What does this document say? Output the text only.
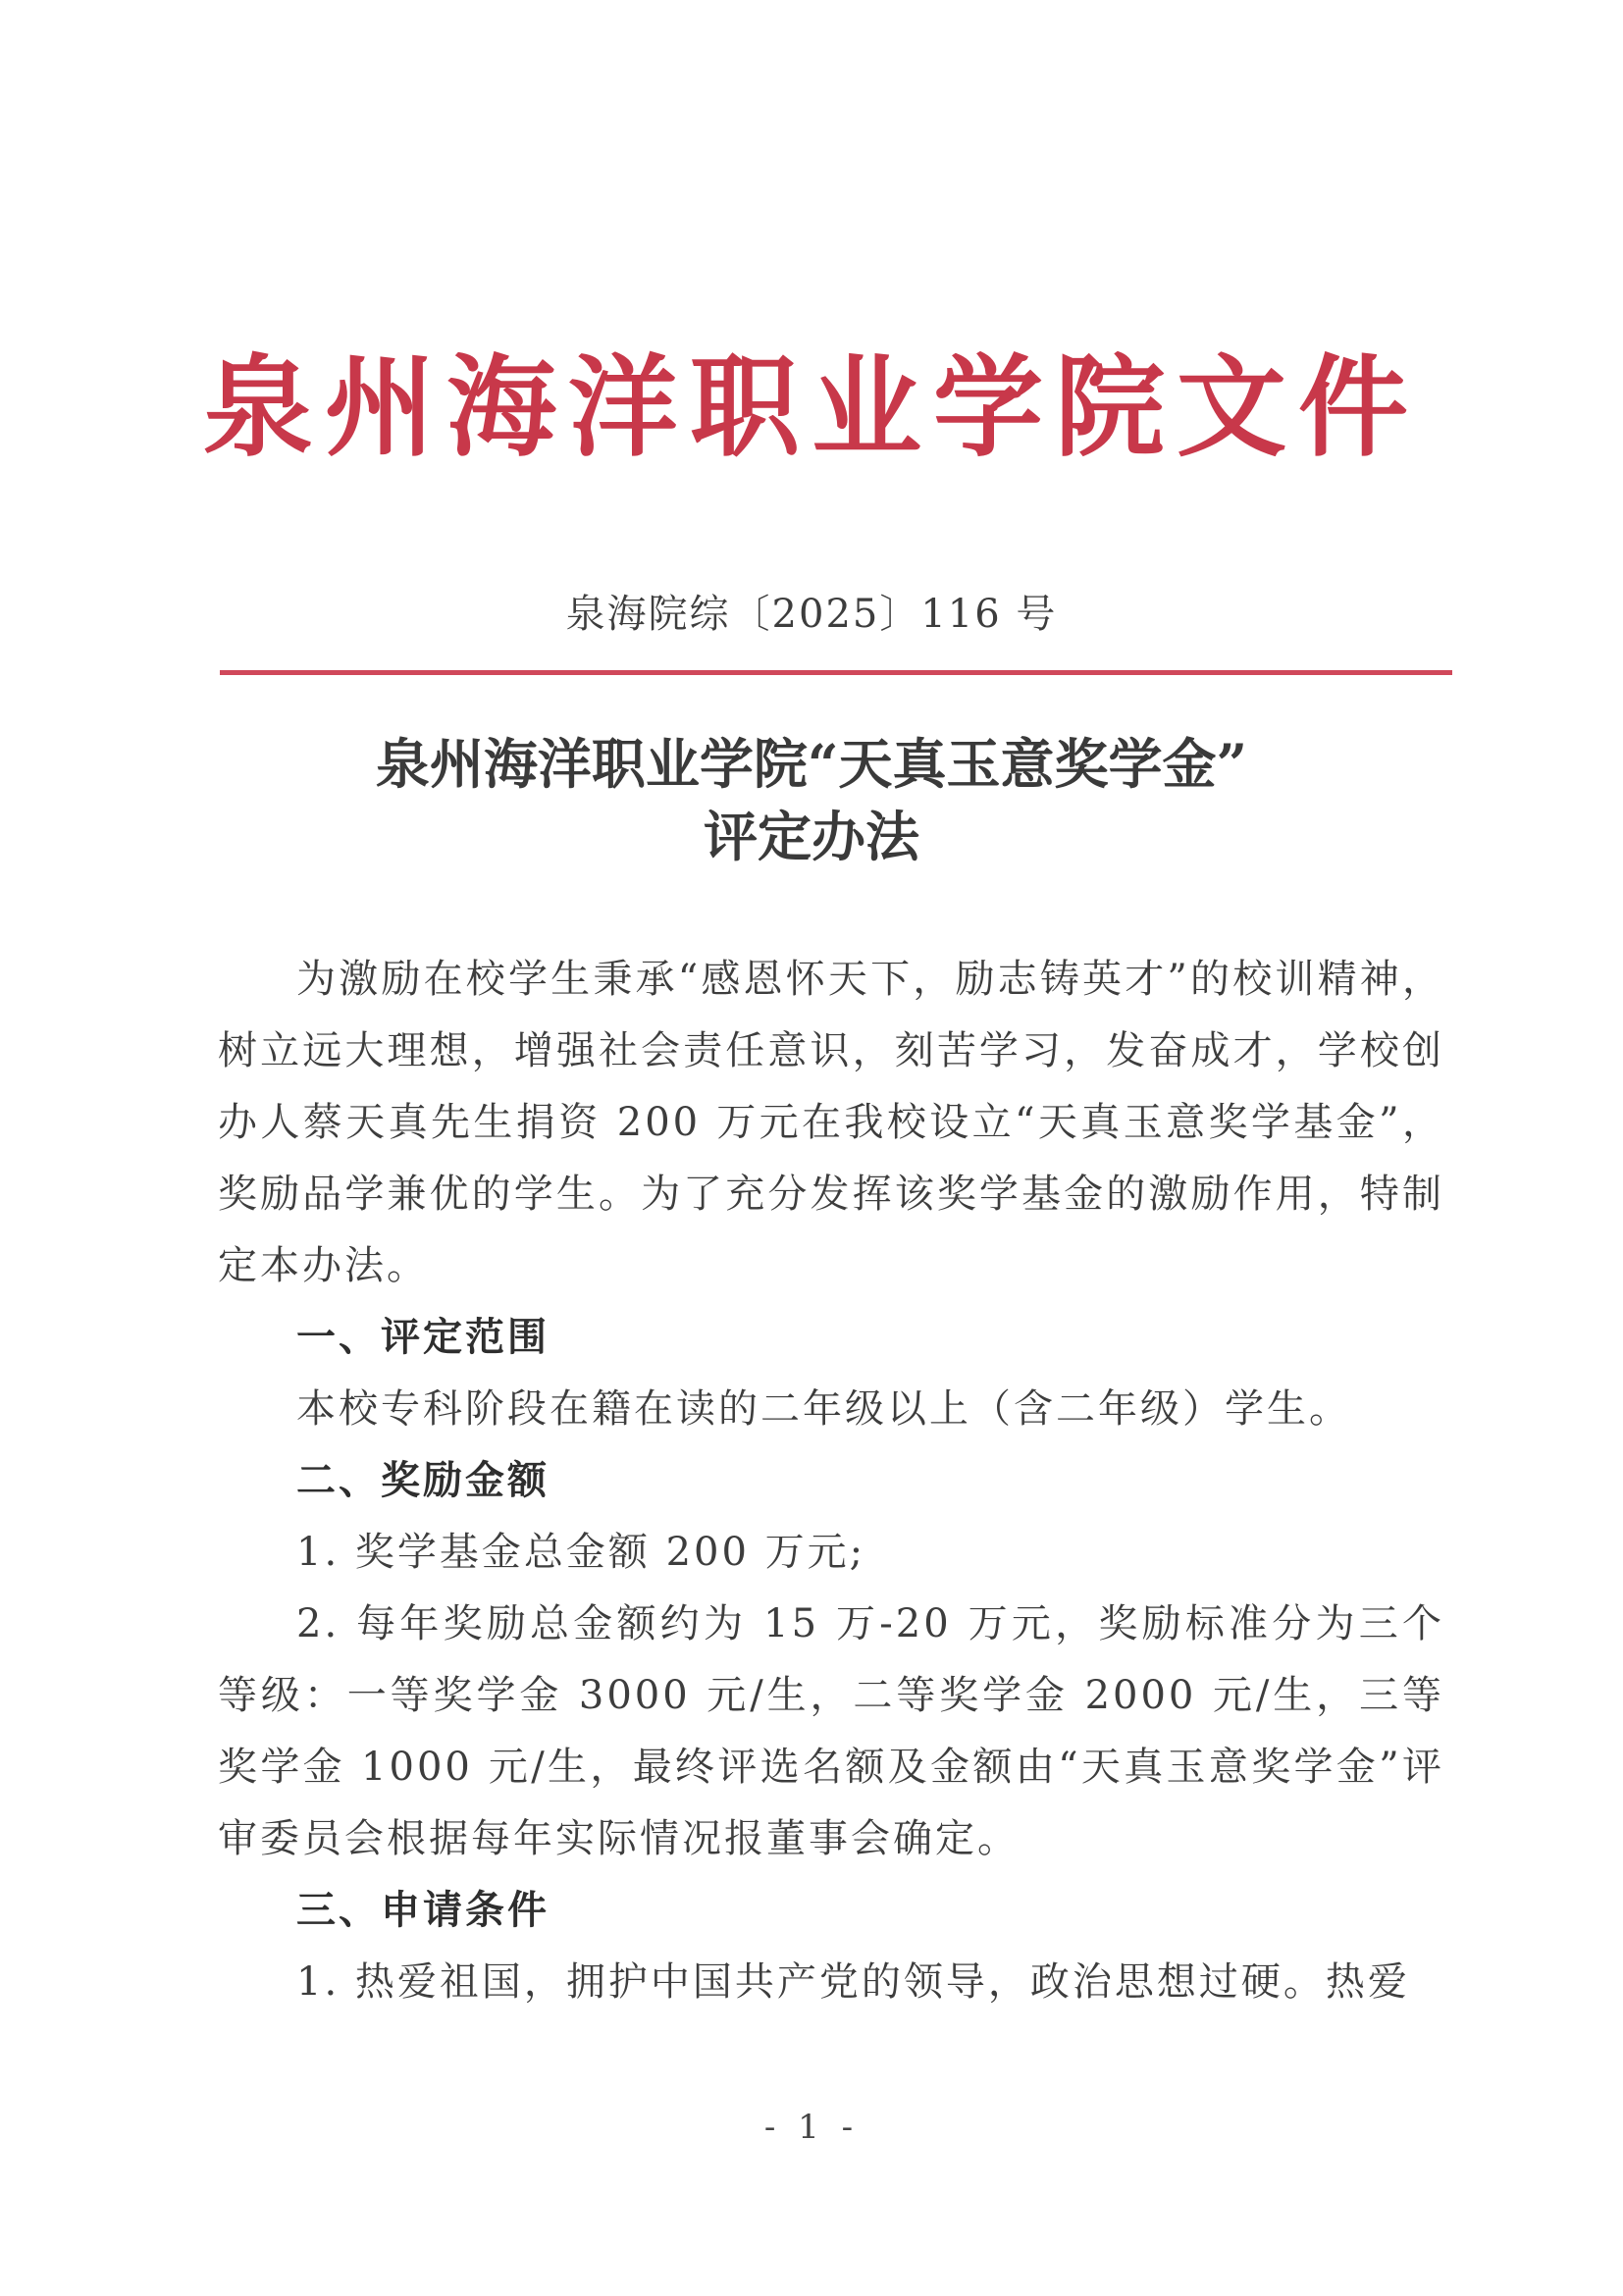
泉州海洋职业学院文件
泉海院综〔2025〕116 号
泉州海洋职业学院“天真玉意奖学金”
评定办法

为激励在校学生秉承“感恩怀天下，励志铸英才”的校训精神，树立远大理想，增强社会责任意识，刻苦学习，发奋成才，学校创办人蔡天真先生捐资 200 万元在我校设立“天真玉意奖学基金”，奖励品学兼优的学生。为了充分发挥该奖学基金的激励作用，特制定本办法。

一、评定范围

本校专科阶段在籍在读的二年级以上（含二年级）学生。

二、奖励金额

1. 奖学基金总金额 200 万元;

2. 每年奖励总金额约为 15 万-20 万元，奖励标准分为三个等级：一等奖学金 3000 元/生，二等奖学金 2000 元/生，三等奖学金 1000 元/生，最终评选名额及金额由“天真玉意奖学金”评审委员会根据每年实际情况报董事会确定。

三、申请条件

1. 热爱祖国，拥护中国共产党的领导，政治思想过硬。热爱

- 1 -
